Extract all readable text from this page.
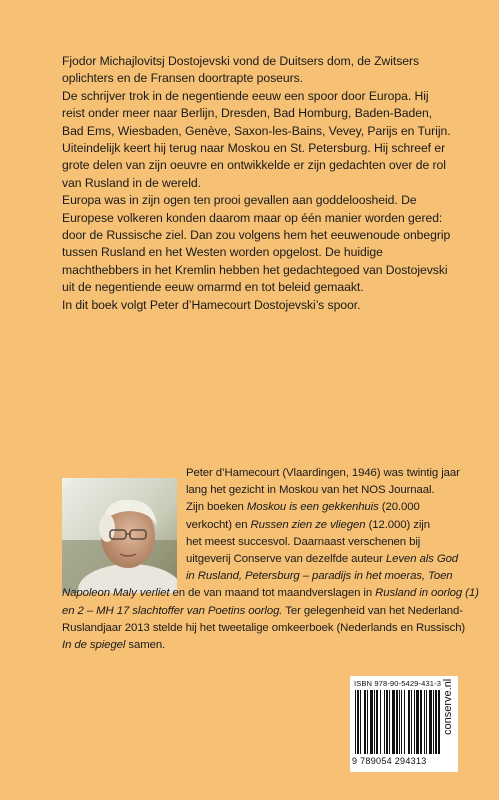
Fjodor Michajlovitsj Dostojevski vond de Duitsers dom, de Zwitsers oplichters en de Fransen doortrapte poseurs.

De schrijver trok in de negentiende eeuw een spoor door Europa. Hij reist onder meer naar Berlijn, Dresden, Bad Homburg, Baden-Baden, Bad Ems, Wiesbaden, Genève, Saxon-les-Bains, Vevey, Parijs en Turijn. Uiteindelijk keert hij terug naar Moskou en St. Petersburg. Hij schreef er grote delen van zijn oeuvre en ontwikkelde er zijn gedachten over de rol van Rusland in de wereld.

Europa was in zijn ogen ten prooi gevallen aan goddeloosheid. De Europese volkeren konden daarom maar op één manier worden gered: door de Russische ziel. Dan zou volgens hem het eeuwenoude onbegrip tussen Rusland en het Westen worden opgelost. De huidige machthebbers in het Kremlin hebben het gedachtegoed van Dostojevski uit de negentiende eeuw omarmd en tot beleid gemaakt.

In dit boek volgt Peter d’Hamecourt Dostojevski’s spoor.

Peter d’Hamecourt (Vlaardingen, 1946) was twintig jaar
lang het gezicht in Moskou van het NOS Journaal.
Zijn boeken Moskou is een gekkenhuis (20.000
verkocht) en Russen zien ze vliegen (12.000) zijn
het meest succesvol. Daarnaast verschenen bij
uitgeverij Conserve van dezelfde auteur Leven als God
in Rusland, Petersburg – paradijs in het moeras, Toen
Napoleon Maly verliet en de van maand tot maandverslagen in Rusland in oorlog (1)
en 2 – MH 17 slachtoffer van Poetins oorlog. Ter gelegenheid van het Nederland-
Ruslandjaar 2013 stelde hij het tweetalige omkeerboek (Nederlands en Russisch)
In de spiegel samen.
ISBN 978-90-5429-431-3
9 789054 294313
conserve.nl
